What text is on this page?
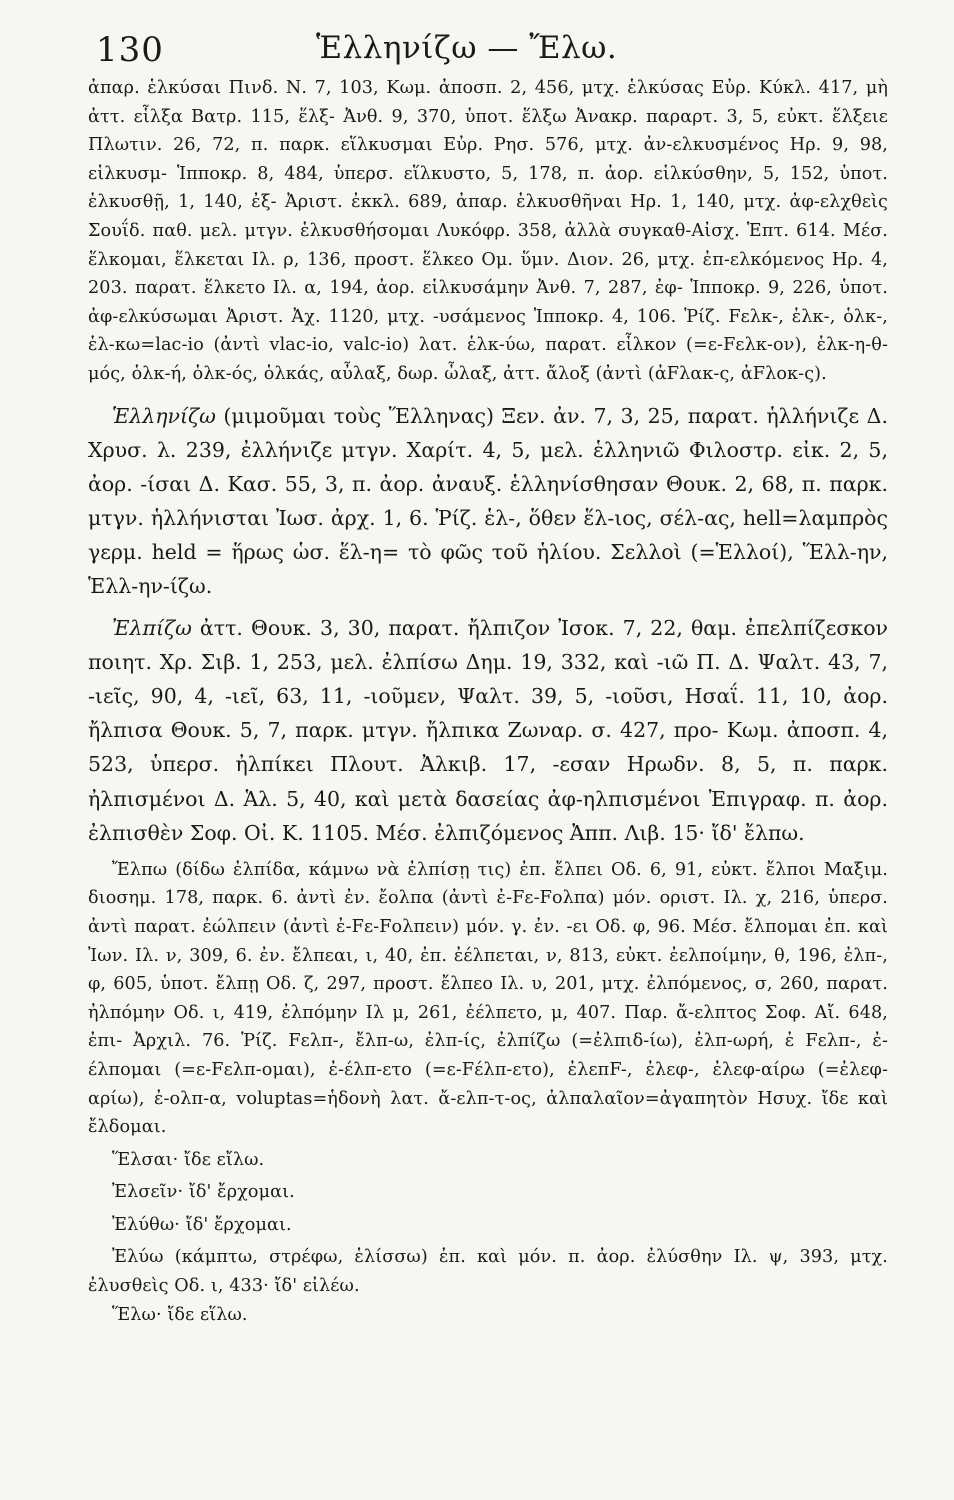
130	Ἑλληνίζω — Ἔλω.

ἀπαρ. ἑλκύσαι Πινδ. Ν. 7, 103, Κωμ. ἀποσπ. 2, 456, μτχ. ἑλκύσας Εὐρ. Κύκλ. 417, μὴ ἀττ. εἷλξα Βατρ. 115, ἕλξ- Ἀνθ. 9, 370, ὑποτ. ἕλξω Ἀνακρ. παραρτ. 3, 5, εὐκτ. ἕλξειε Πλωτιν. 26, 72, π. παρκ. εἵλκυσμαι Εὐρ. Ρησ. 576, μτχ. ἀν-ελκυσμένος Ηρ. 9, 98, εἱλκυσμ- Ἱπποκρ. 8, 484, ὑπερσ. εἵλκυστο, 5, 178, π. ἀορ. εἱλκύσθην, 5, 152, ὑποτ. ἑλκυσθῇ, 1, 140, ἐξ- Ἀριστ. ἐκκλ. 689, ἀπαρ. ἑλκυσθῆναι Ηρ. 1, 140, μτχ. ἀφ-ελχθεὶς Σουΐδ. παθ. μελ. μτγν. ἑλκυσθήσομαι Λυκόφρ. 358, ἀλλὰ συγκαθ-Αἰσχ. Ἑπτ. 614. Μέσ. ἕλκομαι, ἕλκεται Ιλ. ρ, 136, προστ. ἕλκεο Ομ. ὕμν. Διον. 26, μτχ. ἐπ-ελκόμενος Ηρ. 4, 203. παρατ. ἕλκετο Ιλ. α, 194, ἀορ. εἱλκυσάμην Ἀνθ. 7, 287, ἐφ- Ἱπποκρ. 9, 226, ὑποτ. ἀφ-ελκύσωμαι Ἀριστ. Ἀχ. 1120, μτχ. -υσάμενος Ἱπποκρ. 4, 106. Ῥίζ. Fελκ-, ἑλκ-, ὁλκ-, ἑλ-κω=lac-io (ἀντὶ vlac-io, valc-io) λατ. ἑλκ-ύω, παρατ. εἷλκον (=ε-Fελκ-ον), ἑλκ-η-θ-μός, ὁλκ-ή, ὁλκ-ός, ὁλκάς, αὖλαξ, δωρ. ὦλαξ, ἀττ. ἄλοξ (ἀντὶ (ἀFλακ-ς, ἀFλοκ-ς).

Ἑλληνίζω (μιμοῦμαι τοὺς Ἕλληνας) Ξεν. ἀν. 7, 3, 25, παρατ. ἡλλήνιζε Δ. Χρυσ. λ. 239, ἐλλήνιζε μτγν. Χαρίτ. 4, 5, μελ. ἑλληνιῶ Φιλοστρ. εἰκ. 2, 5, ἀορ. -ίσαι Δ. Κασ. 55, 3, π. ἀορ. ἀναυξ. ἑλληνίσθησαν Θουκ. 2, 68, π. παρκ. μτγν. ἡλλήνισται Ἰωσ. ἀρχ. 1, 6. Ῥίζ. ἑλ-, ὅθεν ἕλ-ιος, σέλ-ας, hell=λαμπρὸς γερμ. held = ἥρως ὡσ. ἕλ-η= τὸ φῶς τοῦ ἡλίου. Σελλοὶ (=Ἑλλοί), Ἕλλ-ην, Ἑλλ-ην-ίζω.

Ἐλπίζω ἀττ. Θουκ. 3, 30, παρατ. ἤλπιζον Ἰσοκ. 7, 22, θαμ. ἐπελπίζεσκον ποιητ. Χρ. Σιβ. 1, 253, μελ. ἐλπίσω Δημ. 19, 332, καὶ -ιῶ Π. Δ. Ψαλτ. 43, 7, -ιεῖς, 90, 4, -ιεῖ, 63, 11, -ιοῦμεν, Ψαλτ. 39, 5, -ιοῦσι, Ησαΐ. 11, 10, ἀορ. ἤλπισα Θουκ. 5, 7, παρκ. μτγν. ἤλπικα Ζωναρ. σ. 427, προ- Κωμ. ἀποσπ. 4, 523, ὑπερσ. ἠλπίκει Πλουτ. Ἀλκιβ. 17, -εσαν Ηρωδν. 8, 5, π. παρκ. ἠλπισμένοι Δ. Ἁλ. 5, 40, καὶ μετὰ δασείας ἀφ-ηλπισμένοι Ἐπιγραφ. π. ἀορ. ἐλπισθὲν Σοφ. Οἰ. Κ. 1105. Μέσ. ἐλπιζόμενος Ἀππ. Λιβ. 15· ἴδ' ἔλπω.

Ἔλπω (δίδω ἐλπίδα, κάμνω νὰ ἐλπίσῃ τις) ἐπ. ἔλπει Οδ. 6, 91, εὐκτ. ἔλποι Μαξιμ. διοσημ. 178, παρκ. 6. ἀντὶ ἐν. ἔολπα (ἀντὶ ἐ-Fε-Fολπα) μόν. οριστ. Ιλ. χ, 216, ὑπερσ. ἀντὶ παρατ. ἐώλπειν (ἀντὶ ἐ-Fε-Fολπειν) μόν. γ. ἐν. -ει Οδ. φ, 96. Μέσ. ἔλπομαι ἐπ. καὶ Ἰων. Ιλ. ν, 309, 6. ἐν. ἔλπεαι, ι, 40, ἐπ. ἐέλπεται, ν, 813, εὐκτ. ἐελποίμην, θ, 196, ἐλπ-, φ, 605, ὑποτ. ἔλπῃ Οδ. ζ, 297, προστ. ἔλπεο Ιλ. υ, 201, μτχ. ἐλπόμενος, σ, 260, παρατ. ἠλπόμην Οδ. ι, 419, ἐλπόμην Ιλ μ, 261, ἐέλπετο, μ, 407. Παρ. ἄ-ελπτος Σοφ. Αἴ. 648, ἐπι- Ἀρχιλ. 76. Ῥίζ. Fελπ-, ἔλπ-ω, ἐλπ-ίς, ἐλπίζω (=ἐλπιδ-ίω), ἐλπ-ωρή, ἐ Fελπ-, ἐ-έλπομαι (=ε-Fελπ-ομαι), ἐ-έλπ-ετο (=ε-Fέλπ-ετο), ἐλεπF-, ἐλεφ-, ἐλεφ-αίρω (=ἐλεφ-αρίω), ἐ-ολπ-α, voluptas=ἡδονὴ λατ. ἄ-ελπ-τ-ος, ἀλπαλαῖον=ἀγαπητὸν Ησυχ. ἴδε καὶ ἔλδομαι.

Ἕλσαι· ἴδε εἴλω.

Ἐλσεῖν· ἴδ' ἔρχομαι.

Ἐλύθω· ἴδ' ἔρχομαι.

Ἐλύω (κάμπτω, στρέφω, ἑλίσσω) ἐπ. καὶ μόν. π. ἀορ. ἐλύσθην Ιλ. ψ, 393, μτχ. ἐλυσθεὶς Οδ. ι, 433· ἴδ' εἰλέω.

Ἕλω· ἴδε εἵλω.
